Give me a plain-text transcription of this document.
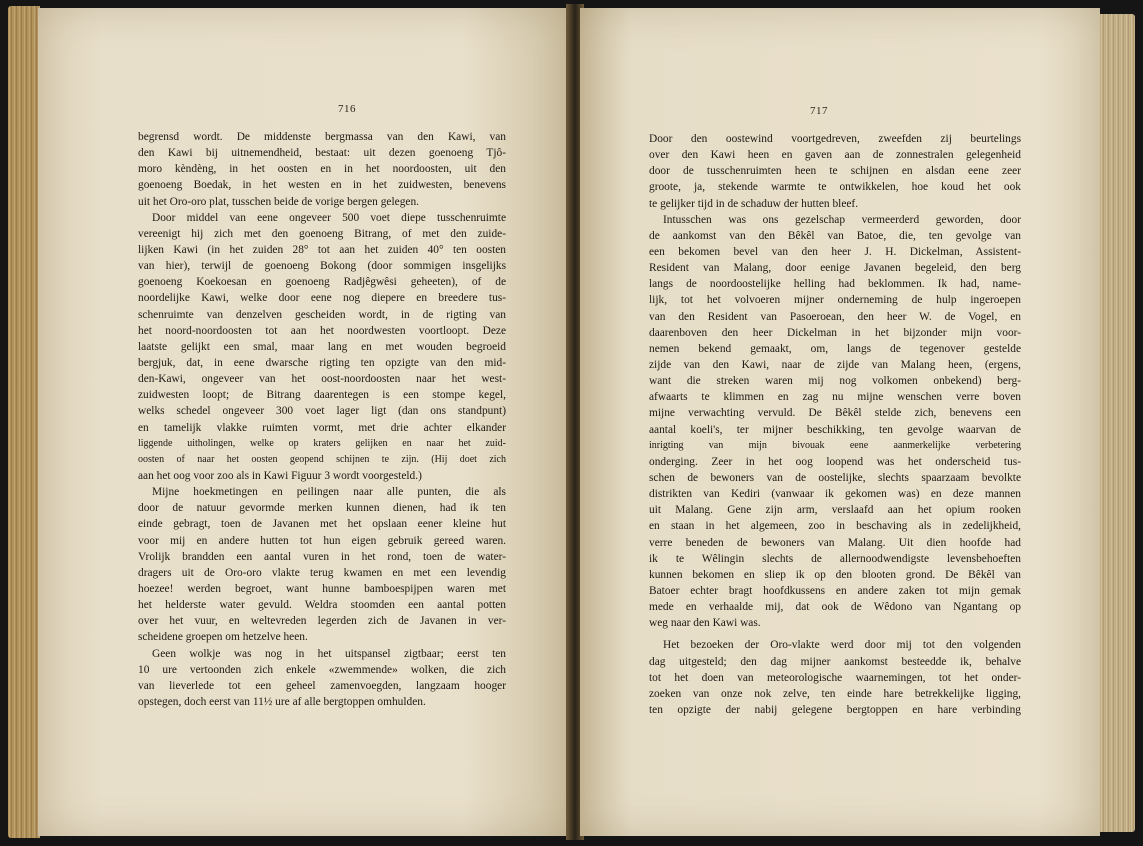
716
begrensd wordt. De middenste bergmassa van den Kawi, van
den Kawi bij uitnemendheid, bestaat: uit dezen goenoeng Tjô-
moro kèndèng, in het oosten en in het noordoosten, uit den
goenoeng Boedak, in het westen en in het zuidwesten, benevens
uit het Oro-oro plat, tusschen beide de vorige bergen gelegen.
Door middel van eene ongeveer 500 voet diepe tusschenruimte
vereenigt hij zich met den goenoeng Bitrang, of met den zuide-
lijken Kawi (in het zuiden 28° tot aan het zuiden 40° ten oosten
van hier), terwijl de goenoeng Bokong (door sommigen insgelijks
goenoeng Koekoesan en goenoeng Radjêgwêsi geheeten), of de
noordelijke Kawi, welke door eene nog diepere en breedere tus-
schenruimte van denzelven gescheiden wordt, in de rigting van
het noord-noordoosten tot aan het noordwesten voortloopt. Deze
laatste gelijkt een smal, maar lang en met wouden begroeid
bergjuk, dat, in eene dwarsche rigting ten opzigte van den mid-
den-Kawi, ongeveer van het oost-noordoosten naar het west-
zuidwesten loopt; de Bitrang daarentegen is een stompe kegel,
welks schedel ongeveer 300 voet lager ligt (dan ons standpunt)
en tamelijk vlakke ruimten vormt, met drie achter elkander
liggende uitholingen, welke op kraters gelijken en naar het zuid-
oosten of naar het oosten geopend schijnen te zijn. (Hij doet zich
aan het oog voor zoo als in Kawi Figuur 3 wordt voorgesteld.)
Mijne hoekmetingen en peilingen naar alle punten, die als
door de natuur gevormde merken kunnen dienen, had ik ten
einde gebragt, toen de Javanen met het opslaan eener kleine hut
voor mij en andere hutten tot hun eigen gebruik gereed waren.
Vrolijk brandden een aantal vuren in het rond, toen de water-
dragers uit de Oro-oro vlakte terug kwamen en met een levendig
hoezee! werden begroet, want hunne bamboespijpen waren met
het helderste water gevuld. Weldra stoomden een aantal potten
over het vuur, en weltevreden legerden zich de Javanen in ver-
scheidene groepen om hetzelve heen.
Geen wolkje was nog in het uitspansel zigtbaar; eerst ten
10 ure vertoonden zich enkele «zwemmende» wolken, die zich
van lieverlede tot een geheel zamenvoegden, langzaam hooger
opstegen, doch eerst van 11½ ure af alle bergtoppen omhulden.
717
Door den oostewind voortgedreven, zweefden zij beurtelings
over den Kawi heen en gaven aan de zonnestralen gelegenheid
door de tusschenruimten heen te schijnen en alsdan eene zeer
groote, ja, stekende warmte te ontwikkelen, hoe koud het ook
te gelijker tijd in de schaduw der hutten bleef.
Intusschen was ons gezelschap vermeerderd geworden, door
de aankomst van den Bêkêl van Batoe, die, ten gevolge van
een bekomen bevel van den heer J. H. Dickelman, Assistent-
Resident van Malang, door eenige Javanen begeleid, den berg
langs de noordoostelijke helling had beklommen. Ik had, name-
lijk, tot het volvoeren mijner onderneming de hulp ingeroepen
van den Resident van Pasoeroean, den heer W. de Vogel, en
daarenboven den heer Dickelman in het bijzonder mijn voor-
nemen bekend gemaakt, om, langs de tegenover gestelde
zijde van den Kawi, naar de zijde van Malang heen, (ergens,
want die streken waren mij nog volkomen onbekend) berg-
afwaarts te klimmen en zag nu mijne wenschen verre boven
mijne verwachting vervuld. De Bêkêl stelde zich, benevens een
aantal koeli's, ter mijner beschikking, ten gevolge waarvan de
inrigting van mijn bivouak eene aanmerkelijke verbetering
onderging. Zeer in het oog loopend was het onderscheid tus-
schen de bewoners van de oostelijke, slechts spaarzaam bevolkte
distrikten van Kediri (vanwaar ik gekomen was) en deze mannen
uit Malang. Gene zijn arm, verslaafd aan het opium rooken
en staan in het algemeen, zoo in beschaving als in zedelijkheid,
verre beneden de bewoners van Malang. Uit dien hoofde had
ik te Wêlingin slechts de allernoodwendigste levensbehoeften
kunnen bekomen en sliep ik op den blooten grond. De Bêkêl van
Batoer echter bragt hoofdkussens en andere zaken tot mijn gemak
mede en verhaalde mij, dat ook de Wêdono van Ngantang op
weg naar den Kawi was.
Het bezoeken der Oro-vlakte werd door mij tot den volgenden
dag uitgesteld; den dag mijner aankomst besteedde ik, behalve
tot het doen van meteorologische waarnemingen, tot het onder-
zoeken van onze nok zelve, ten einde hare betrekkelijke ligging,
ten opzigte der nabij gelegene bergtoppen en hare verbinding
